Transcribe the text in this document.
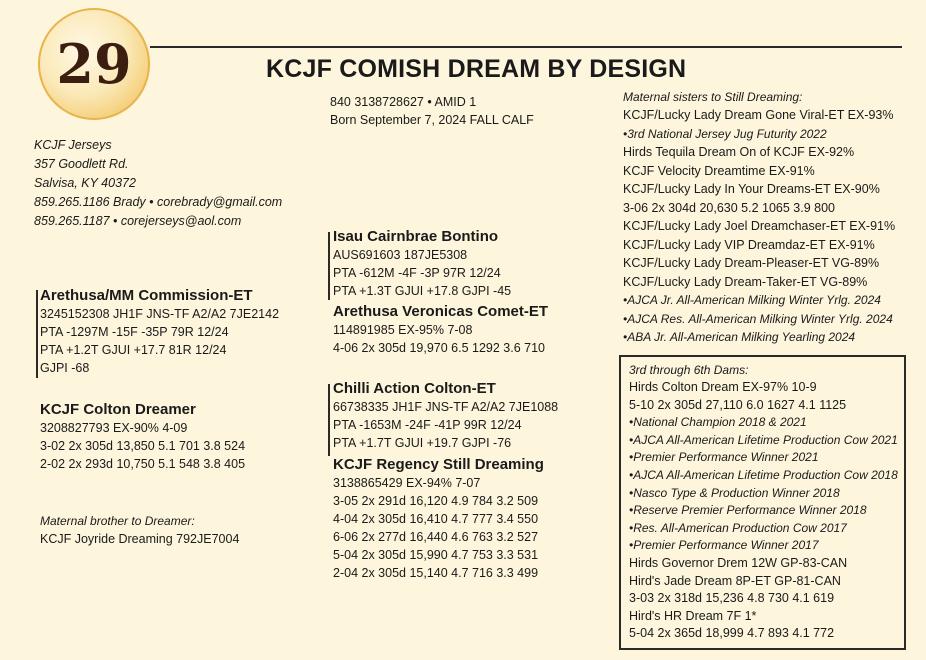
29	KCJF COMISH DREAM BY DESIGN
840 3138728627 • AMID 1
Born September 7, 2024 FALL CALF
KCJF Jerseys
357 Goodlett Rd.
Salvisa, KY 40372
859.265.1186 Brady • corebrady@gmail.com
859.265.1187 • corejerseys@aol.com
Isau Cairnbrae Bontino
AUS691603 187JE5308
PTA -612M -4F -3P 97R 12/24
PTA +1.3T GJUI +17.8 GJPI -45
Arethusa Veronicas Comet-ET
114891985 EX-95% 7-08
4-06 2x 305d 19,970 6.5 1292 3.6 710
Chilli Action Colton-ET
66738335 JH1F JNS-TF A2/A2 7JE1088
PTA -1653M -24F -41P 99R 12/24
PTA +1.7T GJUI +19.7 GJPI -76
KCJF Regency Still Dreaming
3138865429 EX-94% 7-07
3-05 2x 291d 16,120 4.9 784 3.2 509
4-04 2x 305d 16,410 4.7 777 3.4 550
6-06 2x 277d 16,440 4.6 763 3.2 527
5-04 2x 305d 15,990 4.7 753 3.3 531
2-04 2x 305d 15,140 4.7 716 3.3 499
Arethusa/MM Commission-ET
3245152308 JH1F JNS-TF A2/A2 7JE2142
PTA -1297M -15F -35P 79R 12/24
PTA +1.2T GJUI +17.7 81R 12/24
GJPI -68
KCJF Colton Dreamer
3208827793 EX-90% 4-09
3-02 2x 305d 13,850 5.1 701 3.8 524
2-02 2x 293d 10,750 5.1 548 3.8 405
Maternal brother to Dreamer:
KCJF Joyride Dreaming 792JE7004
Maternal sisters to Still Dreaming:
KCJF/Lucky Lady Dream Gone Viral-ET EX-93%
•3rd National Jersey Jug Futurity 2022
Hirds Tequila Dream On of KCJF EX-92%
KCJF Velocity Dreamtime EX-91%
KCJF/Lucky Lady In Your Dreams-ET EX-90%
3-06 2x 304d 20,630 5.2 1065 3.9 800
KCJF/Lucky Lady Joel Dreamchaser-ET EX-91%
KCJF/Lucky Lady VIP Dreamdaz-ET EX-91%
KCJF/Lucky Lady Dream-Pleaser-ET VG-89%
KCJF/Lucky Lady Dream-Taker-ET VG-89%
•AJCA Jr. All-American Milking Winter Yrlg. 2024
•AJCA Res. All-American Milking Winter Yrlg. 2024
•ABA Jr. All-American Milking Yearling 2024
3rd through 6th Dams:
Hirds Colton Dream EX-97% 10-9
5-10 2x 305d 27,110 6.0 1627 4.1 1125
•National Champion 2018 & 2021
•AJCA All-American Lifetime Production Cow 2021
•Premier Performance Winner 2021
•AJCA All-American Lifetime Production Cow 2018
•Nasco Type & Production Winner 2018
•Reserve Premier Performance Winner 2018
•Res. All-American Production Cow 2017
•Premier Performance Winner 2017
Hirds Governor Drem 12W GP-83-CAN
Hird's Jade Dream 8P-ET GP-81-CAN
3-03 2x 318d 15,236 4.8 730 4.1 619
Hird's HR Dream 7F 1*
5-04 2x 365d 18,999 4.7 893 4.1 772
